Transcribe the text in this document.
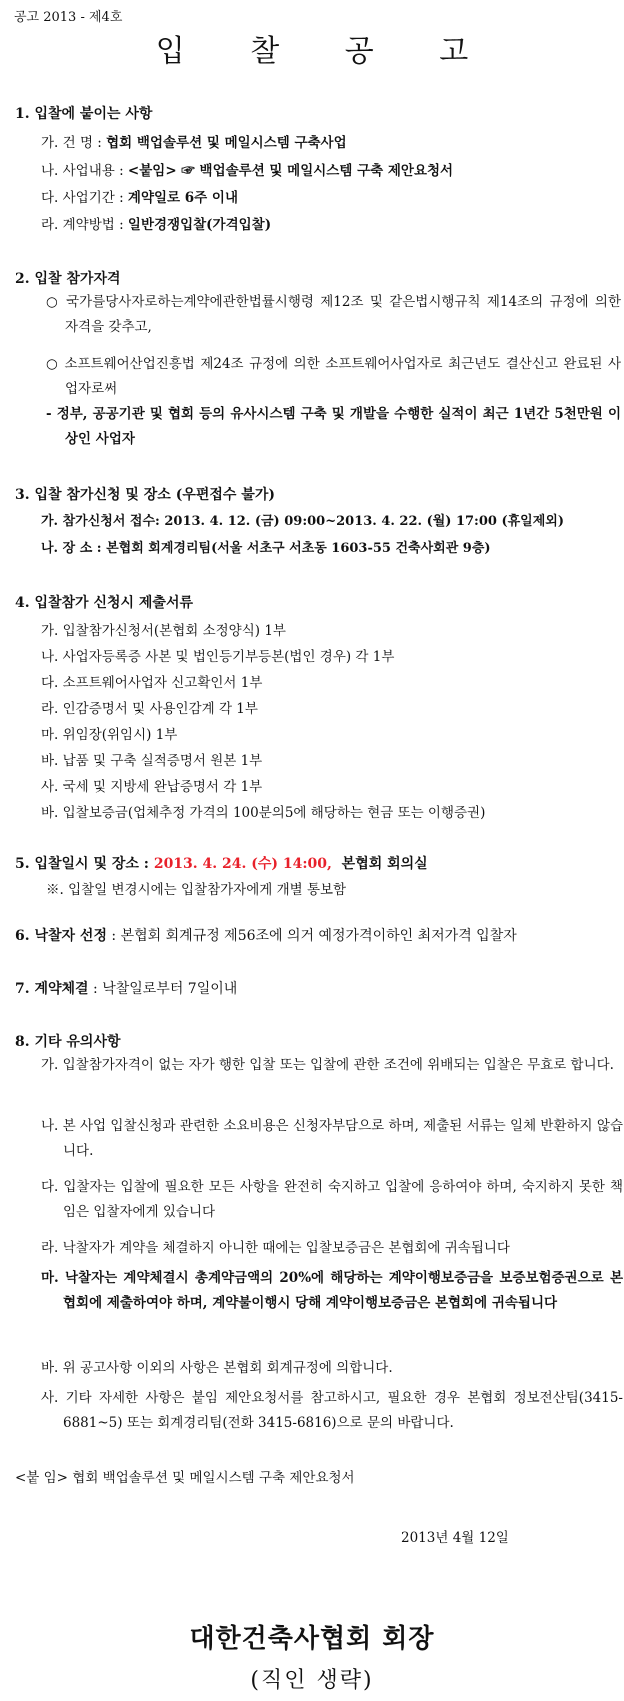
공고 2013 - 제4호
입 찰 공 고
1. 입찰에 붙이는 사항
가. 건 명 : 협회 백업솔루션 및 메일시스템 구축사업
나. 사업내용 : <붙임> ☞ 백업솔루션 및 메일시스템 구축 제안요청서
다. 사업기간 : 계약일로 6주 이내
라. 계약방법 : 일반경쟁입찰(가격입찰)
2. 입찰 참가자격
○ 국가를당사자로하는계약에관한법률시행령 제12조 및 같은법시행규칙 제14조의 규정에 의한 자격을 갖추고,
○ 소프트웨어산업진흥법 제24조 규정에 의한 소프트웨어사업자로 최근년도 결산신고 완료된 사업자로써
- 정부, 공공기관 및 협회 등의 유사시스템 구축 및 개발을 수행한 실적이 최근 1년간 5천만원 이상인 사업자
3. 입찰 참가신청 및 장소 (우편접수 불가)
가. 참가신청서 접수: 2013. 4. 12. (금) 09:00~2013. 4. 22. (월) 17:00 (휴일제외)
나. 장 소 : 본협회 회계경리팀(서울 서초구 서초동 1603-55 건축사회관 9층)
4. 입찰참가 신청시 제출서류
가. 입찰참가신청서(본협회 소정양식) 1부
나. 사업자등록증 사본 및 법인등기부등본(법인 경우) 각 1부
다. 소프트웨어사업자 신고확인서 1부
라. 인감증명서 및 사용인감계 각 1부
마. 위임장(위임시) 1부
바. 납품 및 구축 실적증명서 원본 1부
사. 국세 및 지방세 완납증명서 각 1부
바. 입찰보증금(업체추정 가격의 100분의5에 해당하는 현금 또는 이행증권)
5. 입찰일시 및 장소 : 2013. 4. 24. (수) 14:00, 본협회 회의실
※. 입찰일 변경시에는 입찰참가자에게 개별 통보함
6. 낙찰자 선정 : 본협회 회계규정 제56조에 의거 예정가격이하인 최저가격 입찰자
7. 계약체결 : 낙찰일로부터 7일이내
8. 기타 유의사항
가. 입찰참가자격이 없는 자가 행한 입찰 또는 입찰에 관한 조건에 위배되는 입찰은 무효로 합니다.
나. 본 사업 입찰신청과 관련한 소요비용은 신청자부담으로 하며, 제출된 서류는 일체 반환하지 않습니다.
다. 입찰자는 입찰에 필요한 모든 사항을 완전히 숙지하고 입찰에 응하여야 하며, 숙지하지 못한 책임은 입찰자에게 있습니다
라. 낙찰자가 계약을 체결하지 아니한 때에는 입찰보증금은 본협회에 귀속됩니다
마. 낙찰자는 계약체결시 총계약금액의 20%에 해당하는 계약이행보증금을 보증보험증권으로 본협회에 제출하여야 하며, 계약불이행시 당해 계약이행보증금은 본협회에 귀속됩니다
바. 위 공고사항 이외의 사항은 본협회 회계규정에 의합니다.
사. 기타 자세한 사항은 붙임 제안요청서를 참고하시고, 필요한 경우 본협회 정보전산팀(3415-6881~5) 또는 회계경리팀(전화 3415-6816)으로 문의 바랍니다.
<붙 임> 협회 백업솔루션 및 메일시스템 구축 제안요청서
2013년 4월 12일
대한건축사협회 회장
(직인 생략)
